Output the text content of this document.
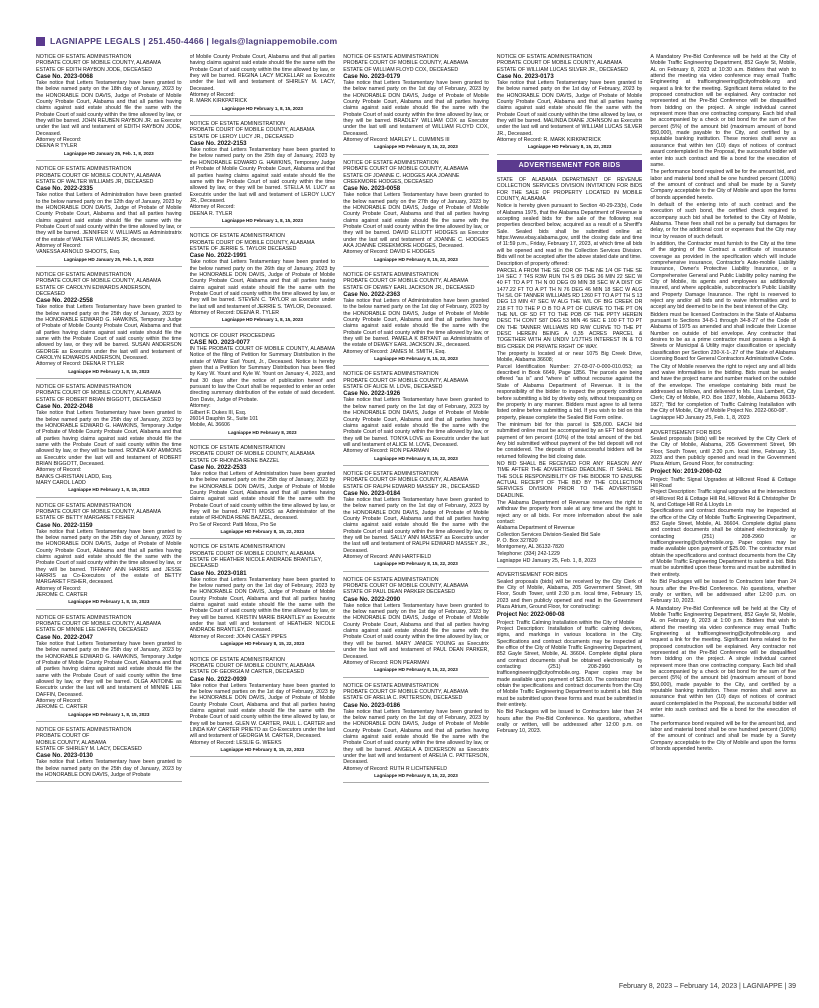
LAGNIAPPE LEGALS | 251.450-4466 | legals@lagniappemobile.com
NOTICE OF ESTATE ADMINISTRATION
PROBATE COURT OF MOBILE COUNTY, ALABAMA
ESTATE OF EDITH RAYBON JODE, DECEASED
Case No. 2023-0068
Take notice that Letters Testamentary have been granted to the below named party on the 18th day of January, 2023 by the HONORABLE DON DAVIS, Judge of Probate of Mobile County Probate Court, Alabama and that all parties having claims against said estate should file the same with the Probate Court of said county within the time allowed by law, or they will be barred. JOHN REUBEN RAYBON JR. as Executor under the last will and testament of EDITH RAYBON JODE, Deceased.
Attorney of Record:
DEENA R TYLER
Lagniappe HD January 25, Feb. 1, 8, 2023
NOTICE OF ESTATE ADMINISTRATION
PROBATE COURT OF MOBILE COUNTY, ALABAMA
ESTATE OF WALTER WILLIAMS JR, DECEASED
Case No. 2022-2335
Take notice that Letters of Administration have been granted to the below named party on the 12th day of January, 2023 by the HONORABLE DON DAVIS, Judge of Probate of Mobile County Probate Court, Alabama and that all parties having claims against said estate should file the same with the Probate Court of said county within the time allowed by law, or they will be barred. JENNIFER V. WILLIAMS as Administratrix of the estate of WALTER WILLIAMS JR, deceased.
Attorney of Record:
VANESSA ARNOLD SHOOTS, Esq.
Lagniappe HD January 25, Feb. 1, 8, 2023
NOTICE OF ESTATE ADMINISTRATION
PROBATE COURT OF MOBILE COUNTY, ALABAMA
ESTATE OF CAROLYN EDWARDS ANDERSON, DECEASED
Case No. 2022-2558
Take notice that Letters Testamentary have been granted to the below named party on the 25th day of January, 2023 by the HONORABLE EDWARD G. HAWKINS, Temporary Judge of Probate of Mobile County Probate Court, Alabama and that all parties having claims against said estate should file the same with the Probate Court of said county within the time allowed by law, or they will be barred. SUSAN ANDERSON GEORGE as Executrix under the last will and testament of CAROLYN EDWARDS ANDERSON, Deceased.
Attorney of Record: DEENA R TYLER
Lagniappe HD February 1, 8, 15, 2023
NOTICE OF ESTATE ADMINISTRATION
PROBATE COURT OF MOBILE COUNTY, ALABAMA
ESTATE OF ROBERT BRIAN BIGGOTT, DECEASED
Case No. 2022-2048
Take notice that Letters Testamentary have been granted to the below named party on the 25th day of January, 2023 by the HONORABLE EDWARD G. HAWKINS, Temporary Judge of Probate of Mobile County Probate Court, Alabama and that all parties having claims against said estate should file the same with the Probate Court of said county within the time allowed by law, or they will be barred. RONDA KAY AMMONS as Executrix under the last will and testament of ROBERT BRIAN BIGGOTT, Deceased.
Attorney of Record:
BANKS CHRISTIAN LADD, Esq.
MARY CAROL LADD
Lagniappe HD February 1, 8, 15, 2023
NOTICE OF ESTATE ADMINISTRATION
PROBATE COURT OF MOBILE COUNTY, ALABAMA
ESTATE OF BETTY MARGARET FISHER
Case No. 2022-1159
Take notice that Letters Testamentary have been granted to the below named party on the 25th day of January, 2023 by the HONORABLE DON DAVIS, Judge of Probate of Mobile County Probate Court, Alabama and that all parties having claims against said estate should file the same with the Probate Court of said county within the time allowed by law, or they will be barred. TIFFANY ANN HARRIS and JESSE HARRIS as Co-Executors of the estate of BETTY MARGARET FISHER, deceased.
Attorney of Record:
JEROME C. CARTER
Lagniappe HD February 1, 8, 15, 2023
NOTICE OF ESTATE ADMINISTRATION
PROBATE COURT OF MOBILE COUNTY, ALABAMA
ESTATE OF MINNIE LEE DAFFIN, DECEASED
Case No. 2022-2047
Take notice that Letters Testamentary have been granted to the below named party on the 25th day of January, 2023 by the HONORABLE EDWARD G. HAWKINS, Temporary Judge of Probate of Mobile County Probate Court, Alabama and that all parties having claims against said estate should file the same with the Probate Court of said county within the time allowed by law, or they will be barred. OLGA ANTOINE as Executrix under the last will and testament of MINNIE LEE DAFFIN, Deceased.
Attorney of Record:
JEROME C. CARTER
Lagniappe HD February 1, 8, 15, 2023
NOTICE OF ESTATE ADMINISTRATION
PROBATE COURT OF
MOBILE COUNTY, ALABAMA
ESTATE OF SHIRLEY M. LACY, DECEASED
Case No. 2023-0130
Take notice that Letters Testamentary have been granted to the below named party on the 25th day of January, 2023 by the HONORABLE DON DAVIS, Judge of Probate
of Mobile County Probate Court, Alabama and that all parties having claims against said estate should file the same with the Probate Court of said county within the time allowed by law, or they will be barred. REGINA LACY MCKELLAR as Executrix under the last will and testament of SHIRLEY M. LACY, Deceased.
Attorney of Record:
R. MARK KIRKPATRICK
Lagniappe HD February 1, 8, 15, 2023
NOTICE OF ESTATE ADMINISTRATION
PROBATE COURT OF MOBILE COUNTY, ALABAMA
ESTATE OF LEROY LUCY JR., DECEASED
Case No. 2022-2153
Take notice that Letters Testamentary have been granted to the below named party on the 25th day of January, 2023 by the HONORABLE EDWARD G. HAWKINS, Temporary Judge of Probate of Mobile County Probate Court, Alabama and that all parties having claims against said estate should file the same with the Probate Court of said county within the time allowed by law, or they will be barred. STELLA M. LUCY as Executrix under the last will and testament of LEROY LUCY JR., Deceased.
Attorney of Record:
DEENA R. TYLER
Lagniappe HD February 1, 8, 15, 2023
NOTICE OF ESTATE ADMINISTRATION
PROBATE COURT OF MOBILE COUNTY, ALABAMA
ESTATE OF JERRIE S. TAYLOR DECEASED
Case No. 2022-1991
Take notice that Letters Testamentary have been granted to the below named party on the 26th day of January, 2023 by the HONORABLE DON DAVIS, Judge of Probate of Mobile County Probate Court, Alabama and that all parties having claims against said estate should file the same with the Probate Court of said county within the time allowed by law, or they will be barred. STEVEN C. TAYLOR as Executor under the last will and testament of JERRIE S. TAYLOR, Deceased.
Attorney of Record: DEENA R. TYLER
Lagniappe HD February 1, 8, 15, 2023
NOTICE OF COURT PROCEEDING
CASE NO. 2023-0077
IN THE PROBATE COURT OF MOBILE COUNTY, ALABAMA Notice of the filing of Petition for Summary Distribution in the estate of Wilbur Earl Yount, Jr., Deceased. Notice is hereby given that a Petition for Summary Distribution has been filed by Kary W. Yount and Kyle W. Yount on January 4, 2023, and that 30 days after the notice of publication hereof and pursuant to law the Court shall be requested to enter an order directing summary distribution of the estate of said decedent. Don Davis, Judge of Probate.
Attorney:
Gilbert F. Dukes III, Esq.
26014 Dauphin St., Suite 101
Mobile, AL 36606
Lagniappe HD February 8, 2023
NOTICE OF ESTATE ADMINISTRATION
PROBATE COURT OF MOBILE COUNTY, ALABAMA
ESTATE OF RHONDA RENE BAZZEL
Case No. 2022-2533
Take notice that Letters of Administration have been granted to the below named party on the 25th day of January, 2023 by the HONORABLE DON DAVIS, Judge of Probate of Mobile County Probate Court, Alabama and that all parties having claims against said estate should file the same with the Probate Court of said county within the time allowed by law, or they will be barred. PATTI MOSS as Administrator of the estate of RHONDA RENE BAZZEL, deceased.
Pro Se of Record: Patti Moss, Pro Se
Lagniappe HD February 8, 15, 22, 2023
NOTICE OF ESTATE ADMINISTRATION
PROBATE COURT OF MOBILE COUNTY, ALABAMA
ESTATE OF HEATHER NICOLE ANDRADE BRANTLEY, DECEASED
Case No. 2023-0181
Take notice that Letters Testamentary have been granted to the below named party on the 1st day of February, 2023 by the HONORABLE DON DAVIS, Judge of Probate of Mobile County Probate Court, Alabama and that all parties having claims against said estate should file the same with the Probate Court of said county within the time allowed by law, or they will be barred. KRISTIN MARIE BRANTLEY as Executrix under the last will and testament of HEATHER NICOLE ANDRADE BRANTLEY, Deceased.
Attorney of Record: JOHN CASEY PIPES
Lagniappe HD February 8, 15, 22, 2023
NOTICE OF ESTATE ADMINISTRATION
PROBATE COURT OF MOBILE COUNTY, ALABAMA
ESTATE OF GEORGIA M CARTER, DECEASED
Case No. 2022-0939
Take notice that Letters Testamentary have been granted to the below named parties on the 1st day of February, 2023 by the HONORABLE DON DAVIS, Judge of Probate of Mobile County Probate Court, Alabama and that all parties having claims against said estate should file the same with the Probate Court of said county within the time allowed by law, or they will be barred. GLEN W. CARTER, PAUL L. CARTER and LINDA KAY CARTER PRIETO as Co-Executors under the last will and testament of GEORGIA M. CARTER, Deceased.
Attorney of Record: LESLIE G. WEEKS
Lagniappe HD February 8, 15, 22, 2023
NOTICE OF ESTATE ADMINISTRATION
PROBATE COURT OF MOBILE COUNTY, ALABAMA
ESTATE OF WILLIAM FLOYD COX, DECEASED
Case No. 2023-0179
Take notice that Letters Testamentary have been granted to the below named party on the 1st day of February, 2023 by the HONORABLE DON DAVIS, Judge of Probate of Mobile County Probate Court, Alabama and that all parties having claims against said estate should file the same with the Probate Court of said county within the time allowed by law, or they will be barred. BRADLEY WILLIAM COX as Executor under the last will and testament of WILLIAM FLOYD COX, Deceased.
Attorney of Record: MARLEY L. CUMMINS III
Lagniappe HD February 8, 15, 22, 2023
NOTICE OF ESTATE ADMINISTRATION
PROBATE COURT OF MOBILE COUNTY, ALABAMA
ESTATE OF JOANNE C. HODGES AKA JOANNE CREEKMORE HODGES, DECEASED
Case No. 2023-0058
Take notice that Letters Testamentary have been granted to the below named party on the 27th day of January, 2023 by the HONORABLE DON DAVIS, Judge of Probate of Mobile County Probate Court, Alabama and that all parties having claims against said estate should file the same with the Probate Court of said county within the time allowed by law, or they will be barred. DAVID ELLIOTT HODGES as Executor under the last will and testament of JOANNE C. HODGES AKA JOANNE CREEKMORE HODGES, Deceased.
Attorney of Record: DAVID E HODGES
Lagniappe HD February 8, 15, 22, 2023
NOTICE OF ESTATE ADMINISTRATION
PROBATE COURT OF MOBILE COUNTY, ALABAMA
ESTATE OF DEWEY EARL JACKSON JR., DECEASED
Case No. 2022-2363
Take notice that Letters of Administration have been granted to the below named party on the 1st day of February, 2023 by the HONORABLE DON DAVIS, Judge of Probate of Mobile County Probate Court, Alabama and that all parties having claims against said estate should file the same with the Probate Court of said county within the time allowed by law, or they will be barred. PAMELA K BRYANT as Administratrix of the estate of DEWEY EARL JACKSON JR., deceased.
Attorney of Record: JAMES M. SMITH, Esq.
Lagniappe HD February 8, 15, 22, 2023
NOTICE OF ESTATE ADMINISTRATION
PROBATE COURT OF MOBILE COUNTY, ALABAMA
ESTATE OF ALICE M. LOVE, DECEASED
Case No. 2022-1926
Take notice that Letters Testamentary have been granted to the below named party on the 1st day of February, 2023 by the HONORABLE DON DAVIS, Judge of Probate of Mobile County Probate Court, Alabama and that all parties having claims against said estate should file the same with the Probate Court of said county within the time allowed by law, or they will be barred. TONYA LOVE as Executrix under the last will and testament of ALICE M. LOVE, Deceased.
Attorney of Record: RON PEARMAN
Lagniappe HD February 8, 15, 22, 2023
NOTICE OF ESTATE ADMINISTRATION
PROBATE COURT OF MOBILE COUNTY, ALABAMA
ESTATE OF RALPH EDWARD MASSEY JR., DECEASED
Case No. 2023-0184
Take notice that Letters Testamentary have been granted to the below named party on the 1st day of February, 2023 by the HONORABLE DON DAVIS, Judge of Probate of Mobile County Probate Court, Alabama and that all parties having claims against said estate should file the same with the Probate Court of said county within the time allowed by law, or they will be barred. SALLY ANN MASSEY as Executrix under the last will and testament of RALPH EDWARD MASSEY JR., Deceased.
Attorney of Record: ANN HARTFIELD
Lagniappe HD February 8, 15, 22, 2023
NOTICE OF ESTATE ADMINISTRATION
PROBATE COURT OF MOBILE COUNTY, ALABAMA
ESTATE OF PAUL DEAN PARKER DECEASED
Case No. 2022-2090
Take notice that Letters Testamentary have been granted to the below named party on the 1st day of February, 2023 by the HONORABLE DON DAVIS, Judge of Probate of Mobile County Probate Court, Alabama and that all parties having claims against said estate should file the same with the Probate Court of said county within the time allowed by law, or they will be barred. MARY JANICE YOUNG as Executrix under the last will and testament of PAUL DEAN PARKER, Deceased.
Attorney of Record: RON PEARMAN
Lagniappe HD February 8, 15, 22, 2023
NOTICE OF ESTATE ADMINISTRATION
PROBATE COURT OF MOBILE COUNTY, ALABAMA
ESTATE OF ARELIA C. PATTERSON, DECEASED
Case No. 2023-0186
Take notice that Letters Testamentary have been granted to the below named party on the 1st day of February, 2023 by the HONORABLE DON DAVIS, Judge of Probate of Mobile County Probate Court, Alabama and that all parties having claims against said estate should file the same with the Probate Court of said county within the time allowed by law, or they will be barred. ANGELA A DICKERSON as Executrix under the last will and testament of ARELIA C. PATTERSON, Deceased.
Attorney of Record: RUTH R LICHTENFELD
Lagniappe HD February 8, 15, 22, 2023
NOTICE OF ESTATE ADMINISTRATION
PROBATE COURT OF MOBILE COUNTY, ALABAMA
ESTATE OF WILLIAM LUCAS SILVER JR., DECEASED
Case No. 2023-0173
Take notice that Letters Testamentary have been granted to the below named party on the 1st day of February, 2023 by the HONORABLE DON DAVIS, Judge of Probate of Mobile County Probate Court, Alabama and that all parties having claims against said estate should file the same with the Probate Court of said county within the time allowed by law, or they will be barred. MALINDA DIANE JOHNSON as Executrix under the last will and testament of WILLIAM LUCAS SILVER JR., Deceased.
Attorney of Record: R. MARK KIRKPATRICK
Lagniappe HD February 8, 15, 22, 2023
ADVERTISEMENT FOR BIDS
STATE OF ALABAMA DEPARTMENT OF REVENUE COLLECTION SERVICES DIVISION INVITATION FOR BIDS FOR THE SALE OF PROPERTY LOCATED IN MOBILE COUNTY, ALABAMA
Notice is hereby given pursuant to Section 40-29-23(b), Code of Alabama 1975, that the Alabama Department of Revenue is accepting sealed bids for the sale of the following real properties described below, acquired as a result of a Sheriff's Sale. Sealed bids shall be submitted online at: https://www.ebay.alabama.gov, until the closing date and time of 11:59 p.m., Friday, February 17, 2023, at which time all bids will be opened and read in the Collection Services Division. Bids will not be accepted after the above stated date and time.
Description of property offered:
PARCEL A FROM THE SE COR OF THE NE 1/4 OF THE SE 1/4 SEC 7 T4S R3W RUN TH S 89 DEG 36 MIN 22 SEC W 40 FT TO A PT TH N 00 DEG 09 MIN 38 SEC W A DIST OF 1477.22 FT TO A PT TH N 76 DEG 46 MIN 18 SEC W ALG TH S/L OF TANNER WILLIAMS RD 1260 FT TO A PT TH S 13 DEG 13 MIN 47 SEC W ALG THE W/L OF BIG CREEK DR 218 FT TO THE P O B TO A PT OF CURVE TO THE PT ON THE N/L OF SD FT TO THE POB OF THE PPTY HEREIN DESC TH CONT S87 DEG 53 MIN 46 SEC E 100 FT TO PT ON THE TANNER WILLIAMS RD R/W CURVE TO THE PT DESC HEREIN BEING A 0.35 ACRES PARCEL & TOGETHER WITH AN UNDIV 1/17THS INTEREST IN & TO BIG CREEK DR PRIVATE RIGHT OF WAY.
The property is located at or near 1075 Big Creek Drive, Mobile, Alabama 36608;
Parcel Identification Number: 27-03-07-0-000-010.053; as described in Book 6649, Page 1856. The parcels are being offered "as is" and "where is" without recourse against the State of Alabama Department of Revenue. It is the responsibility of the bidder to inspect the property conditions before submitting a bid by driveby only, without trespassing on the property in any manner. Bidders must agree to all terms listed online before submitting a bid. If you wish to bid on this property, please complete the Sealed Bid Form online.
The minimum bid for this parcel is $35,000. EACH bid submitted online must be accompanied by an EFT bid deposit payment of ten percent (10%) of the total amount of the bid. Any bid submitted without payment of the bid deposit will not be considered. The deposits of unsuccessful bidders will be returned following the bid closing date.
NO BID SHALL BE RECEIVED FOR ANY REASON ANY TIME AFTER THE ADVERTISED DEADLINE. IT SHALL BE THE SOLE RESPONSIBILITY OF THE BIDDER TO ENSURE ACTUAL RECEIPT OF THE BID BY THE COLLECTION SERVICES DIVISION PRIOR TO THE ADVERTISED DEADLINE.
The Alabama Department of Revenue reserves the right to withdraw the property from sale at any time and the right to reject any or all bids. For more information about the sale contact:
Alabama Department of Revenue
Collection Services Division-Sealed Bid Sale
P. O. Box 327820
Montgomery, AL 36132-7820
Telephone: (334) 242-1229
Lagniappe HD January 25, Feb. 1, 8, 2023
ADVERTISEMENT FOR BIDS
Sealed proposals (bids) will be received by the City Clerk of the City of Mobile, Alabama, 205 Government Street, 9th Floor, South Tower, until 2:30 p.m. local time, February 15, 2023 and then publicly opened and read in the Government Plaza Atrium, Ground Floor, for constructing:
Project No: 2022-060-08
Project: Traffic Calming Installation within the City of Mobile
Project Description: Installation of traffic calming devices, signs, and markings in various locations in the City. Specifications and contract documents may be inspected at the office of the City of Mobile Traffic Engineering Department, 852 Gayle Street, Mobile, AL 36604. Complete digital plans and contract documents shall be obtained electronically by contacting (251) 208-2960 or trafficengineering@cityofmobile.org. Paper copies may be made available upon payment of $25.00. The contractor must obtain the specifications and contract documents from the City of Mobile Traffic Engineering Department to submit a bid. Bids must be submitted upon these forms and must be submitted in their entirety.
No Bid Packages will be issued to Contractors later than 24 hours after the Pre-Bid Conference. No questions, whether orally or written, will be addressed after 12:00 p.m. on February 10, 2023.
A Mandatory Pre-Bid Conference will be held at the City of Mobile Traffic Engineering Department, 852 Gayle St, Mobile, AL on February 8, 2023 at 10:30 a.m. Bidders that wish to attend the meeting via video conference may email Traffic Engineering at trafficengineering@cityofmobile.org and request a link for the meeting. Significant items related to the proposed construction will be explained. Any contractor not represented at the Pre-Bid Conference will be disqualified from bidding on the project. A single individual cannot represent more than one contracting company. Each bid shall be accompanied by a check or bid bond for the sum of five percent (5%) of the amount bid (maximum amount of bond $50,000), made payable to the City, and certified by a reputable banking institution. These monies shall serve as assurance that within ten (10) days of notices of contract award contemplated in the Proposal, the successful bidder will enter into such contract and file a bond for the execution of same.
The performance bond required will be for the amount bid, and labor and material bond shall be one hundred percent (100%) of the amount of contract and shall be made by a Surety Company acceptable to the City of Mobile and upon the forms of bonds appended hereto.
In default of the entering into of such contract and the execution of such bond, the certified check required to accompany such bid shall be forfeited to the City of Mobile, Alabama. These fees shall not be a penalty but damages for delay, or for the additional cost or expenses that the City may incur by reason of such default.
In addition, the Contractor must furnish to the City at the time of the signing of the Contract a certificate of insurance coverage as provided in the specification which will include comprehensive insurance, Contractor's Auto-mobile Liability Insurance, Owner's Protective Liability Insurance, or a Comprehensive General and Public Liability policy naming the City of Mobile, its agents and employees as additionally insured, and where applicable, subcontractor's Public Liability and Property Damage Insurance. The right is reserved to reject any and/or all bids and to waive informalities and to accept any bid deemed to be in the best interest of the City.
Bidders must be licensed Contractors in the State of Alabama pursuant to Sections 34-8-1 through 34-8-27 of the Code of Alabama of 1975 as amended and shall indicate their License Number on outside of bid envelope. Any contractor that desires to be as a prime contractor must possess a High & Streets or Municipal & Utility major classification or specialty classification per Section 230-X-1-.27 of the State of Alabama Licensing Board for General Contractors Administrative Code.
The City of Mobile reserves the right to reject any and all bids and waive informalities in the bidding. Bids must be sealed and have the project name and number marked on the outside of the envelope. The envelope containing bids must be addressed as follows, and delivered to Ms. Lisa Lambert, City Clerk; City of Mobile, P.O. Box 1827, Mobile, Alabama 36633-1827; "Bid for completion of Traffic Calming Installation with the City of Mobile, City of Mobile Project No. 2022-060-08".
Lagniappe HD January 25, Feb. 1, 8, 2023
ADVERTISEMENT FOR BIDS
Sealed proposals (bids) will be received by the City Clerk of the City of Mobile, Alabama, 205 Government Street, 9th Floor, South Tower, until 2:30 p.m. local time, February 15, 2023 and then publicly opened and read in the Government Plaza Atrium, Ground Floor, for constructing:
Project No: 2019-2060-02
Project: Traffic Signal Upgrades at Hillcrest Road & Cottage Hill Road
Project Description: Traffic signal upgrades at the intersections of Hillcrest Rd & Cottage Hill Rd, Hillcrest Rd & Christopher Dr N, and Cottage Hill Rd & Lloyds Ln
Specifications and contract documents may be inspected at the office of the City of Mobile Traffic Engineering Department, 852 Gayle Street, Mobile, AL 36604. Complete digital plans and contract documents shall be obtained electronically by contacting (251) 208-2960 or trafficengineering@cityofmobile.org. Paper copies may be made available upon payment of $25.00. The contractor must obtain the specifications and contract documents from the City of Mobile Traffic Engineering Department to submit a bid. Bids must be submitted upon these forms and must be submitted in their entirety.
No Bid Packages will be issued to Contractors later than 24 hours after the Pre-Bid Conference. No questions, whether orally or written, will be addressed after 12:00 p.m. on February 10, 2023.
A Mandatory Pre-Bid Conference will be held at the City of Mobile Traffic Engineering Department, 852 Gayle St, Mobile, AL on February 8, 2023 at 1:00 p.m. Bidders that wish to attend the meeting via video conference may email Traffic Engineering at trafficengineering@cityofmobile.org and request a link for the meeting. Significant items related to the proposed construction will be explained. Any contractor not represented at the Pre-Bid Conference will be disqualified from bidding on the project. A single individual cannot represent more than one contracting company. Each bid shall be accompanied by a check or bid bond for the sum of five percent (5%) of the amount bid (maximum amount of bond $50,000), made payable to the City, and certified by a reputable banking institution. These monies shall serve as assurance that within ten (10) days of notices of contract award contemplated in the Proposal, the successful bidder will enter into such contract and file a bond for the execution of same.
The performance bond required will be for the amount bid, and labor and material bond shall be one hundred percent (100%) of the amount of contract and shall be made by a Surety Company acceptable to the City of Mobile and upon the forms of bonds appended hereto.
February 8, 2023 – February 14, 2023 | LAGNIAPPE | 39
